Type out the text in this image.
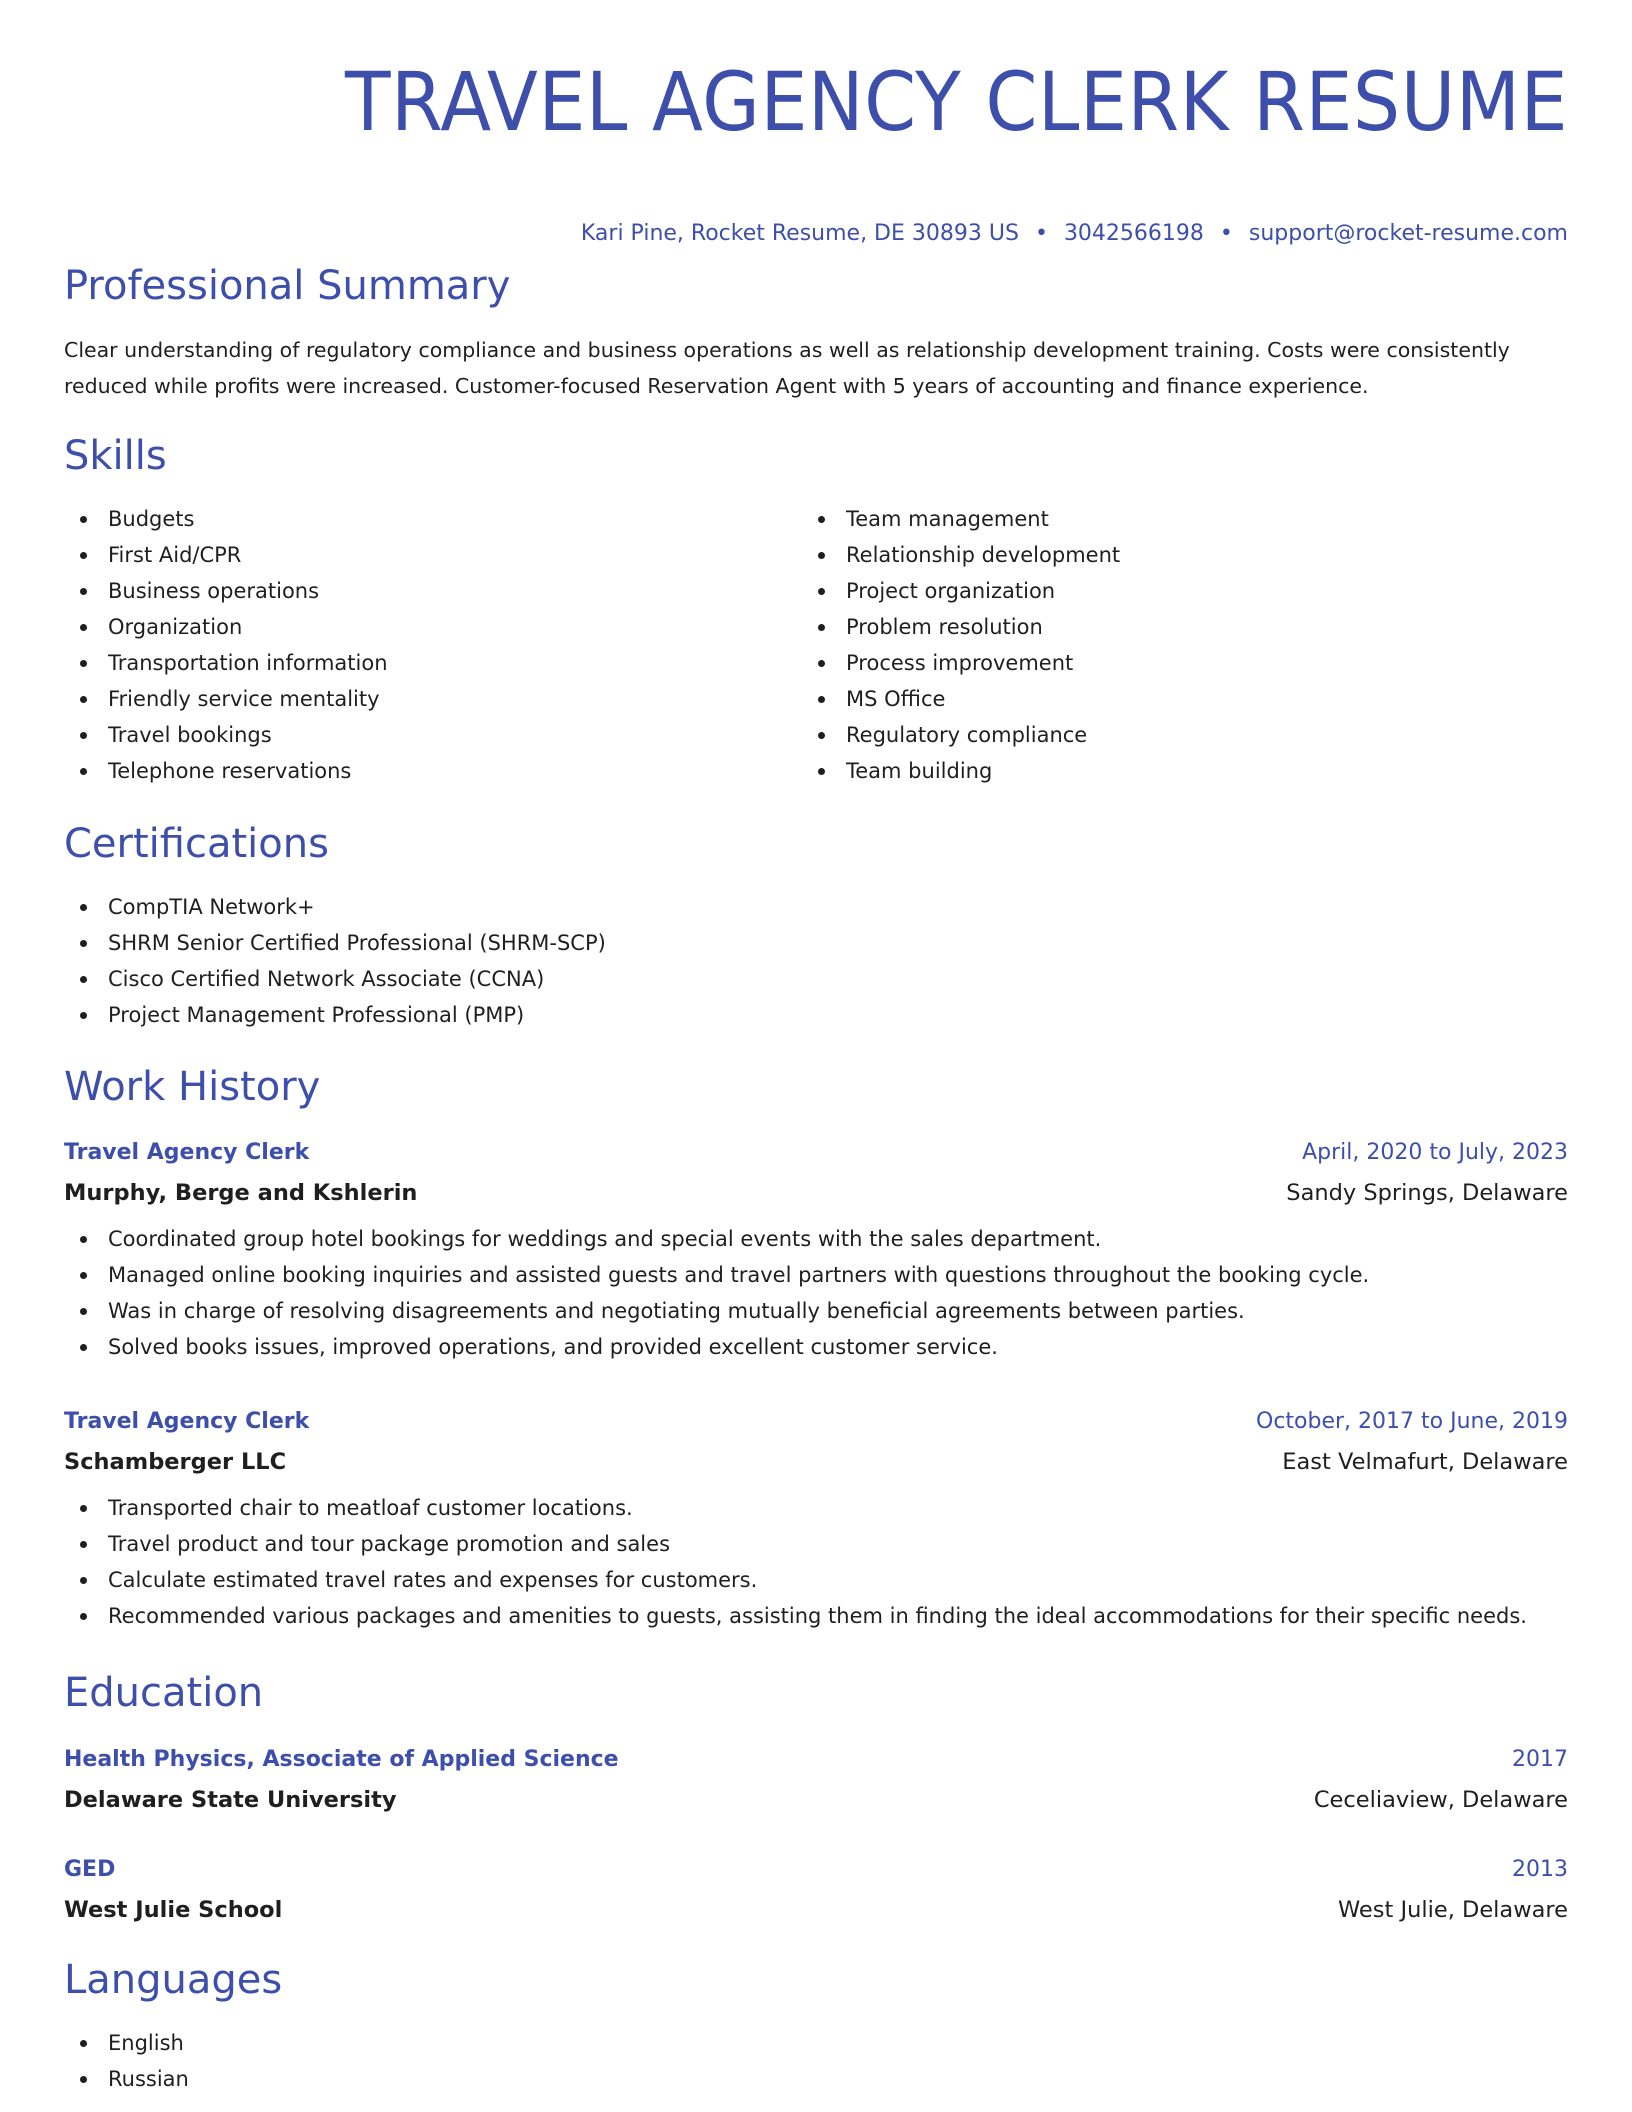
TRAVEL AGENCY CLERK RESUME
Kari Pine, Rocket Resume, DE 30893 US • 3042566198 • support@rocket-resume.com
Professional Summary

Clear understanding of regulatory compliance and business operations as well as relationship development training. Costs were consistently reduced while profits were increased. Customer-focused Reservation Agent with 5 years of accounting and finance experience.

Skills
Budgets
First Aid/CPR
Business operations
Organization
Transportation information
Friendly service mentality
Travel bookings
Telephone reservations
Team management
Relationship development
Project organization
Problem resolution
Process improvement
MS Office
Regulatory compliance
Team building
Certifications
CompTIA Network+
SHRM Senior Certified Professional (SHRM-SCP)
Cisco Certified Network Associate (CCNA)
Project Management Professional (PMP)
Work History
Travel Agency Clerk	April, 2020 to July, 2023
Murphy, Berge and Kshlerin	Sandy Springs, Delaware
Coordinated group hotel bookings for weddings and special events with the sales department.
Managed online booking inquiries and assisted guests and travel partners with questions throughout the booking cycle.
Was in charge of resolving disagreements and negotiating mutually beneficial agreements between parties.
Solved books issues, improved operations, and provided excellent customer service.
Travel Agency Clerk	October, 2017 to June, 2019
Schamberger LLC	East Velmafurt, Delaware
Transported chair to meatloaf customer locations.
Travel product and tour package promotion and sales
Calculate estimated travel rates and expenses for customers.
Recommended various packages and amenities to guests, assisting them in finding the ideal accommodations for their specific needs.
Education
Health Physics, Associate of Applied Science	2017
Delaware State University	Ceceliaview, Delaware
GED	2013
West Julie School	West Julie, Delaware
Languages
English
Russian
